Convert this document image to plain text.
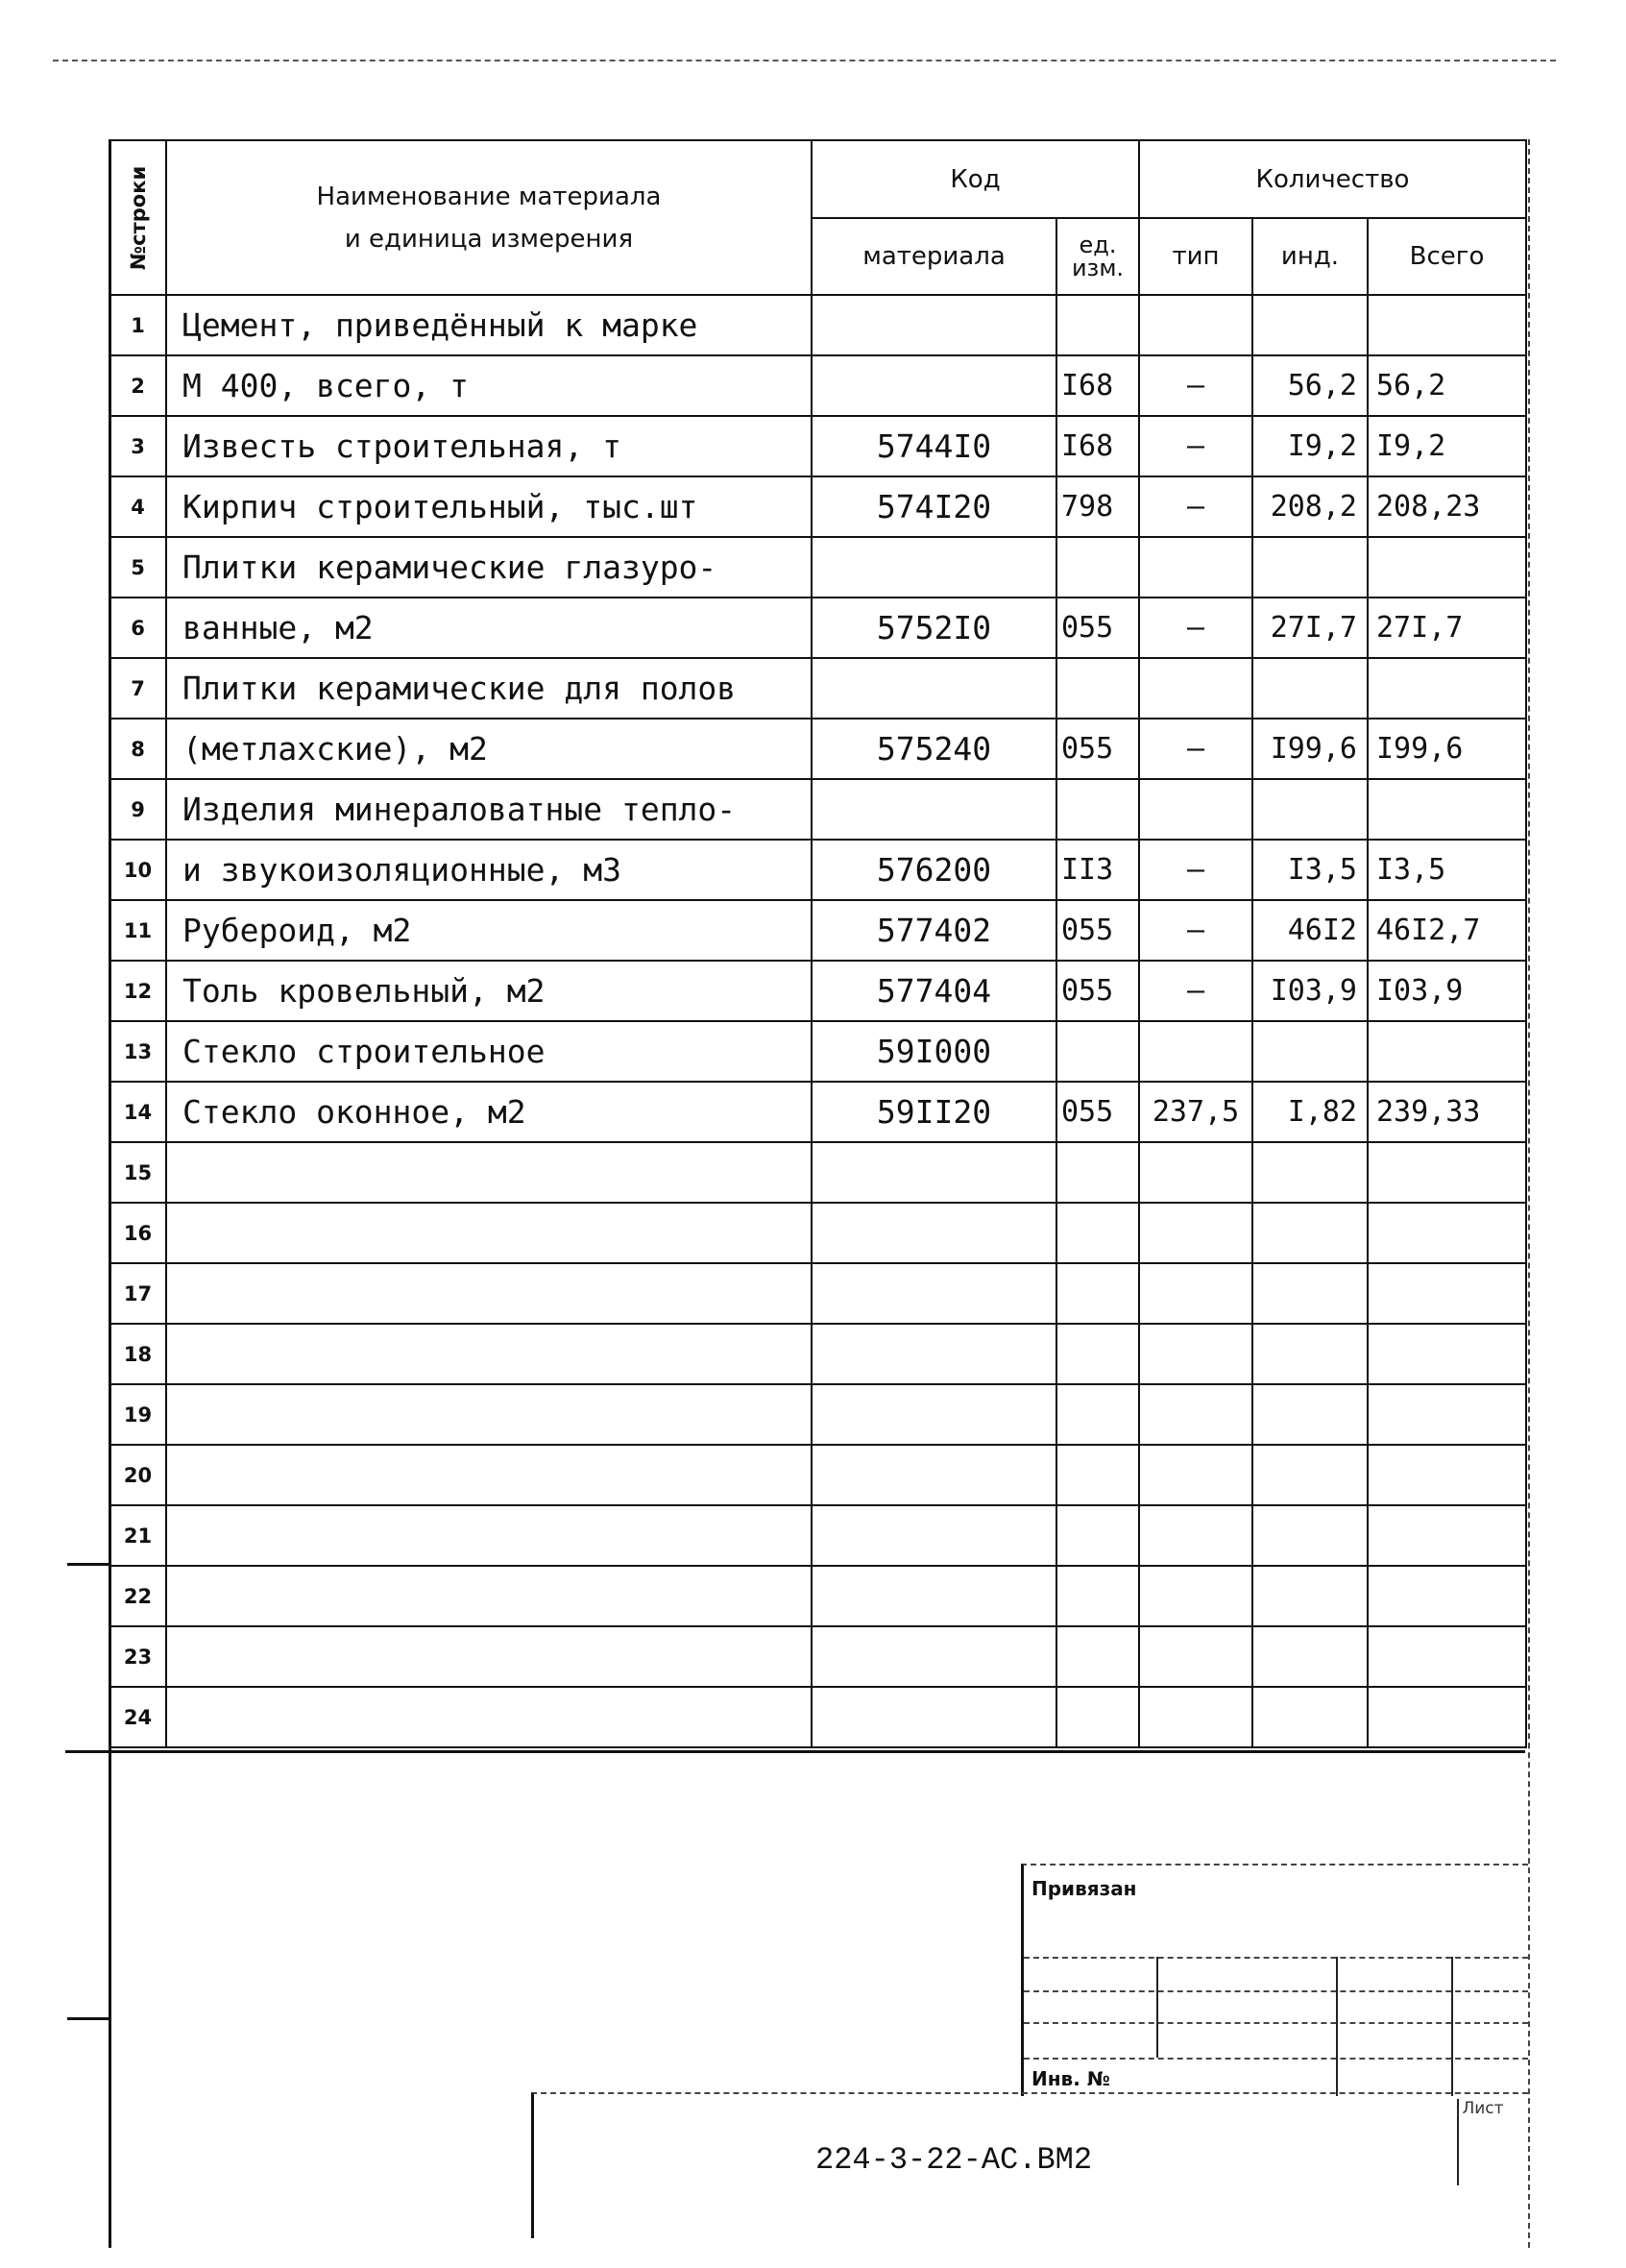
№строки	Наименование материала
и единица измерения	Код		Количество		
		материала	ед. изм.	тип	инд.	Всего
1	Цемент, приведённый к марке					
2	М 400, всего, т		I68	–	56,2	56,2
3	Известь строительная, т	5744I0	I68	–	I9,2	I9,2
4	Кирпич строительный, тыс.шт	574I20	798	–	208,2	208,23
5	Плитки керамические глазуро-					
6	ванные, м2	5752I0	055	–	27I,7	27I,7
7	Плитки керамические для полов					
8	(метлахские), м2	575240	055	–	I99,6	I99,6
9	Изделия минераловатные тепло-					
10	и звукоизоляционные, м3	576200	II3	–	I3,5	I3,5
11	Рубероид, м2	577402	055	–	46I2	46I2,7
12	Толь кровельный, м2	577404	055	–	I03,9	I03,9
13	Стекло строительное	59I000				
14	Стекло оконное, м2	59II20	055	237,5	I,82	239,33
15						
16						
17						
18						
19						
20						
21						
22						
23						
24						
Привязан
Инв. №
224-3-22-АС.ВМ2
Лист
